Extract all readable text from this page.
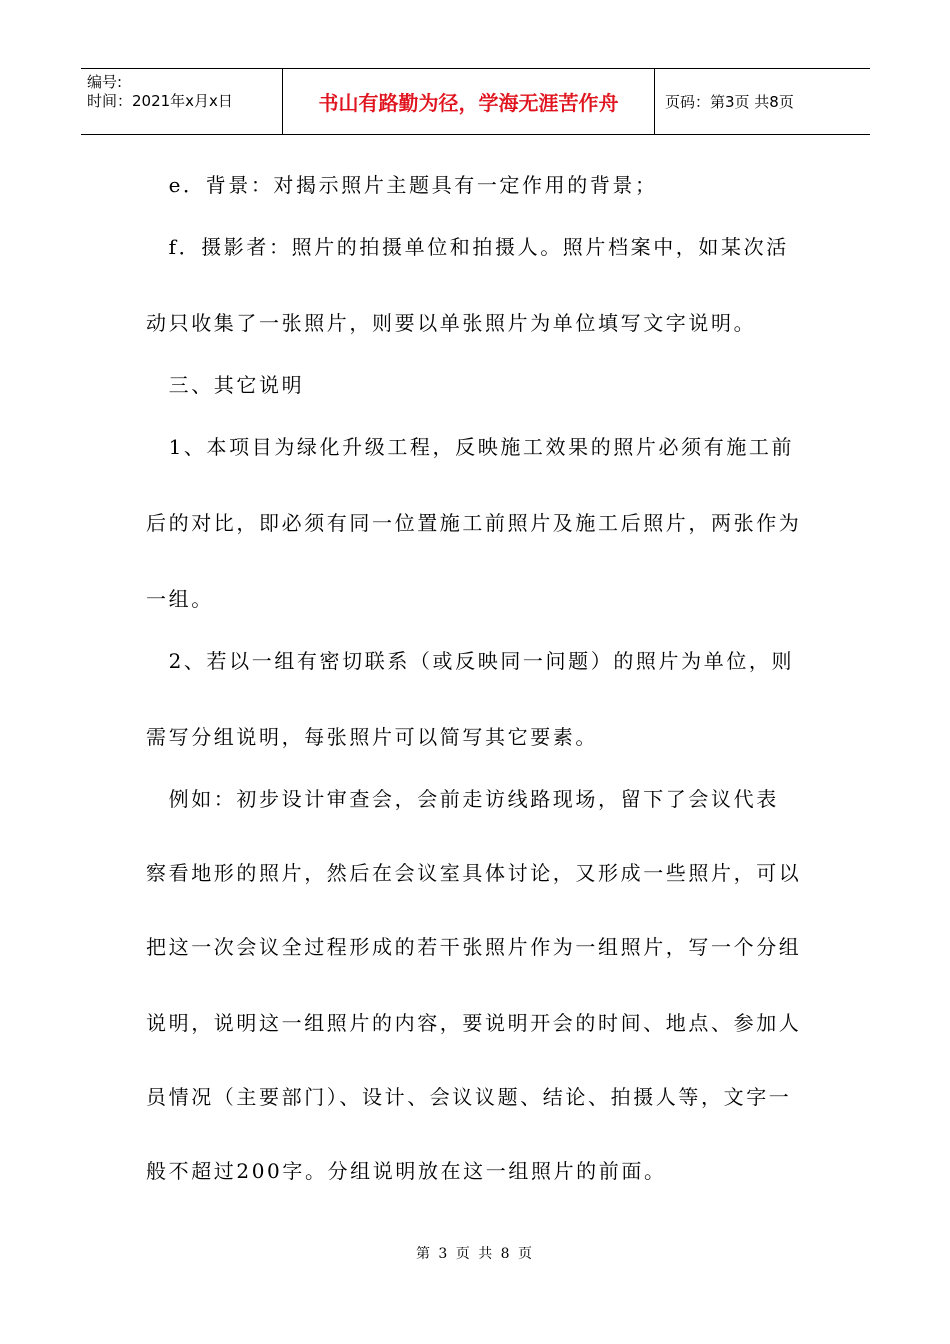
编号:
时间：2021年x月x日	书山有路勤为径，学海无涯苦作舟	页码：第3页 共8页
　e．背景：对揭示照片主题具有一定作用的背景；
　f．摄影者：照片的拍摄单位和拍摄人。照片档案中，如某次活
动只收集了一张照片，则要以单张照片为单位填写文字说明。
　三、其它说明
　1、本项目为绿化升级工程，反映施工效果的照片必须有施工前
后的对比，即必须有同一位置施工前照片及施工后照片，两张作为
一组。
　2、若以一组有密切联系（或反映同一问题）的照片为单位，则
需写分组说明，每张照片可以简写其它要素。
　例如：初步设计审查会，会前走访线路现场，留下了会议代表
察看地形的照片，然后在会议室具体讨论，又形成一些照片，可以
把这一次会议全过程形成的若干张照片作为一组照片，写一个分组
说明，说明这一组照片的内容，要说明开会的时间、地点、参加人
员情况（主要部门）、设计、会议议题、结论、拍摄人等，文字一
般不超过200字。分组说明放在这一组照片的前面。
第 3 页 共 8 页
